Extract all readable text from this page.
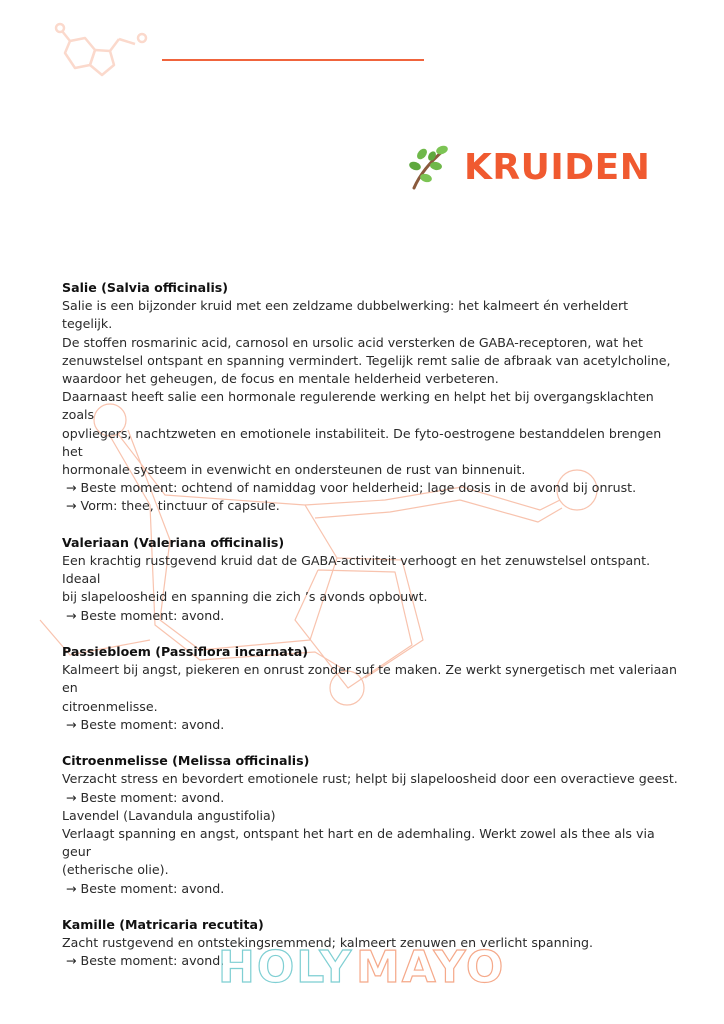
KRUIDEN

Salie (Salvia officinalis)

Salie is een bijzonder kruid met een zeldzame dubbelwerking: het kalmeert én verheldert tegelijk.

De stoffen rosmarinic acid, carnosol en ursolic acid versterken de GABA-receptoren, wat het

zenuwstelsel ontspant en spanning vermindert. Tegelijk remt salie de afbraak van acetylcholine,

waardoor het geheugen, de focus en mentale helderheid verbeteren.

Daarnaast heeft salie een hormonale regulerende werking en helpt het bij overgangsklachten zoals

opvliegers, nachtzweten en emotionele instabiliteit. De fyto-oestrogene bestanddelen brengen het

hormonale systeem in evenwicht en ondersteunen de rust van binnenuit.

→ Beste moment: ochtend of namiddag voor helderheid; lage dosis in de avond bij onrust.

→ Vorm: thee, tinctuur of capsule.

Valeriaan (Valeriana officinalis)

Een krachtig rustgevend kruid dat de GABA-activiteit verhoogt en het zenuwstelsel ontspant. Ideaal

bij slapeloosheid en spanning die zich ’s avonds opbouwt.

→ Beste moment: avond.

Passiebloem (Passiflora incarnata)

Kalmeert bij angst, piekeren en onrust zonder suf te maken. Ze werkt synergetisch met valeriaan en

citroenmelisse.

→ Beste moment: avond.

Citroenmelisse (Melissa officinalis)

Verzacht stress en bevordert emotionele rust; helpt bij slapeloosheid door een overactieve geest.

→ Beste moment: avond.

Lavendel (Lavandula angustifolia)

Verlaagt spanning en angst, ontspant het hart en de ademhaling. Werkt zowel als thee als via geur

(etherische olie).

→ Beste moment: avond.

Kamille (Matricaria recutita)

Zacht rustgevend en ontstekingsremmend; kalmeert zenuwen en verlicht spanning.

→ Beste moment: avond.

HOLY MAYO
